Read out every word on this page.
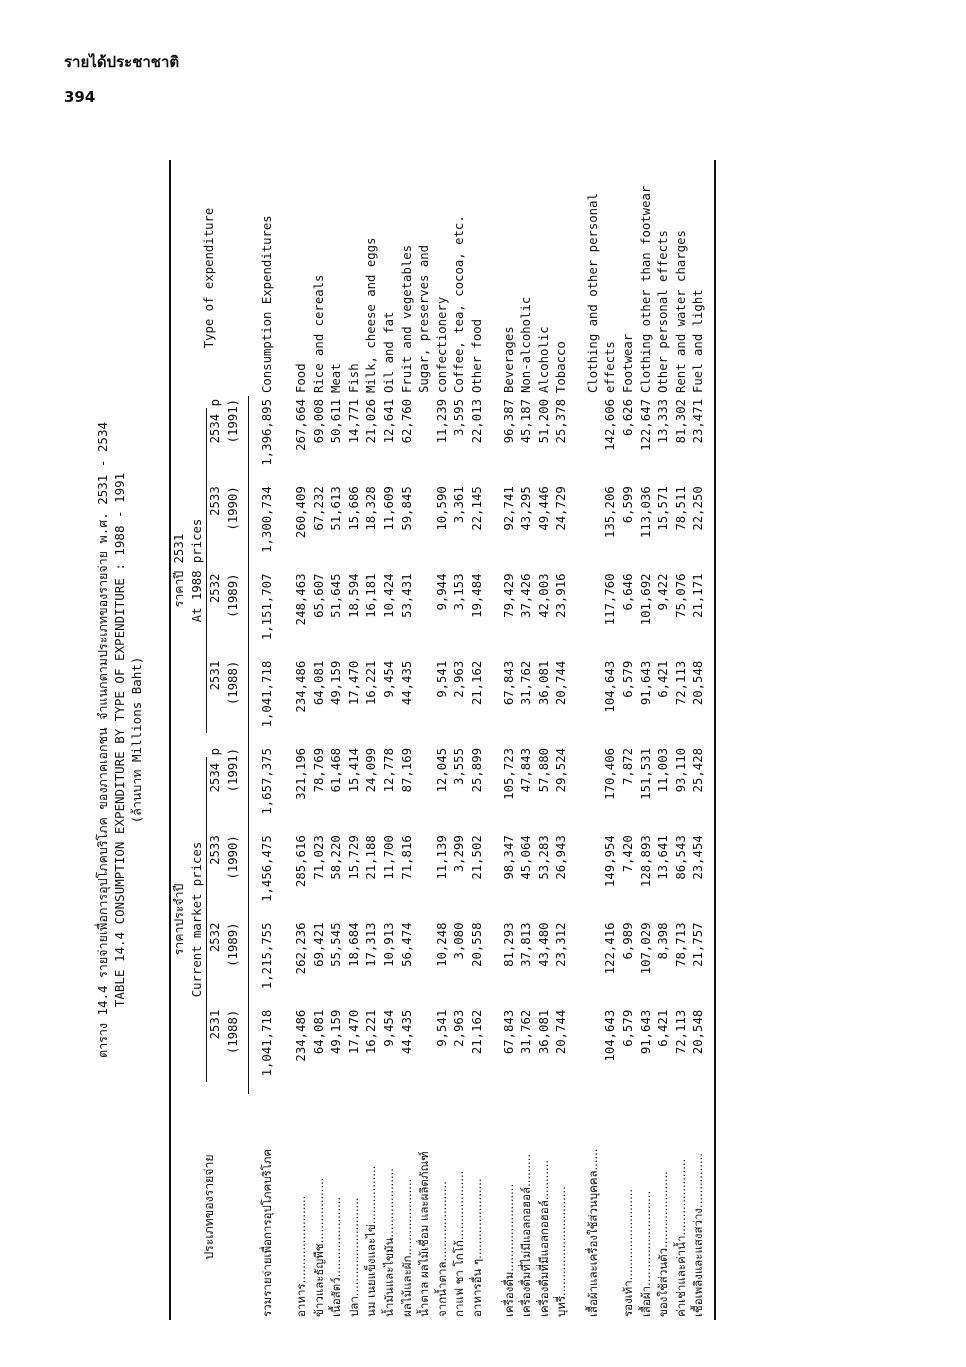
รายได้ประชาชาติ
394
ตาราง 14.4 รายจ่ายเพื่อการอุปโภคบริโภค ของภาคเอกชน จำแนกตามประเภทของรายจ่าย พ.ศ. 2531 - 2534 TABLE 14.4 CONSUMPTION EXPENDITURE BY TYPE OF EXPENDITURE : 1988 - 1991 (ล้านบาท Millions Baht)

ประเภทของรายจ่าย	ราคาประจำปี Current market prices				ราคาปี 2531 At 1988 prices				Type of expenditure

	2531 (1988)	2532 (1989)	2533 (1990)	2534 p (1991)	2531 (1988)	2532 (1989)	2533 (1990)	2534 p (1991)	

รวมรายจ่ายเพื่อการอุปโภคบริโภค	1,041,718	1,215,755	1,456,475	1,657,375	1,041,718	1,151,707	1,300,734	1,396,895	Consumption Expenditures
อาหาร........................	234,486	262,236	285,616	321,196	234,486	248,463	260,409	267,664	Food
ข้าวและธัญพืช..................	64,081	69,421	71,023	78,769	64,081	65,607	67,232	69,008	Rice and cereals
เนื้อสัตว์......................	49,159	55,545	58,220	61,468	49,159	51,645	51,613	50,611	Meat
ปลา...........................	17,470	18,684	15,729	15,414	17,470	18,594	15,686	14,771	Fish
นม เนยแข็งและไข่................	16,221	17,313	21,188	24,099	16,221	16,181	18,328	21,026	Milk, cheese and eggs
น้ำมันและไขมัน...................	9,454	10,913	11,700	12,778	9,454	10,424	11,609	12,641	Oil and fat
ผลไม้และผัก.....................	44,435	56,474	71,816	87,169	44,435	53,431	59,845	62,760	Fruit and vegetables
น้ำตาล ผลไม้เชื่อม และผลิตภัณฑ์									Sugar, preserves and
จากน้ำตาล......................	9,541	10,248	11,139	12,045	9,541	9,944	10,590	11,239	confectionery
กาแฟ ชา โกโก้...................	2,963	3,080	3,299	3,555	2,963	3,153	3,361	3,595	Coffee, tea, cocoa, etc.
อาหารอื่น ๆ......................	21,162	20,558	21,502	25,899	21,162	19,484	22,145	22,013	Other food

เครื่องดื่ม........................	67,843	81,293	98,347	105,723	67,843	79,429	92,741	96,387	Beverages
เครื่องดื่มที่ไม่มีแอลกอฮอล์.........	31,762	37,813	45,064	47,843	31,762	37,426	43,295	45,187	Non-alcoholic
เครื่องดื่มที่มีแอลกอฮอล์...........	36,081	43,480	53,283	57,880	36,081	42,003	49,446	51,200	Alcoholic
บุหรี่..............................	20,744	23,312	26,943	29,524	20,744	23,916	24,729	25,378	Tobacco

เสื้อผ้าและเครื่องใช้ส่วนบุคคล......									Clothing and other personal
	104,643	122,416	149,954	170,406	104,643	117,760	135,206	142,606	effects
รองเท้า.........................	6,579	6,989	7,420	7,872	6,579	6,646	6,599	6,626	Footwear
เสื้อผ้า..........................	91,643	107,029	128,893	151,531	91,643	101,692	113,036	122,647	Clothing other than footwear
ของใช้ส่วนตัว.....................	6,421	8,398	13,641	11,003	6,421	9,422	15,571	13,333	Other personal effects
ค่าเช่าและค่าน้ำ.....................	72,113	78,713	86,543	93,110	72,113	75,076	78,511	81,302	Rent and water charges
เชื้อเพลิงและแสงสว่าง...............	20,548	21,757	23,454	25,428	20,548	21,171	22,250	23,471	Fuel and light
